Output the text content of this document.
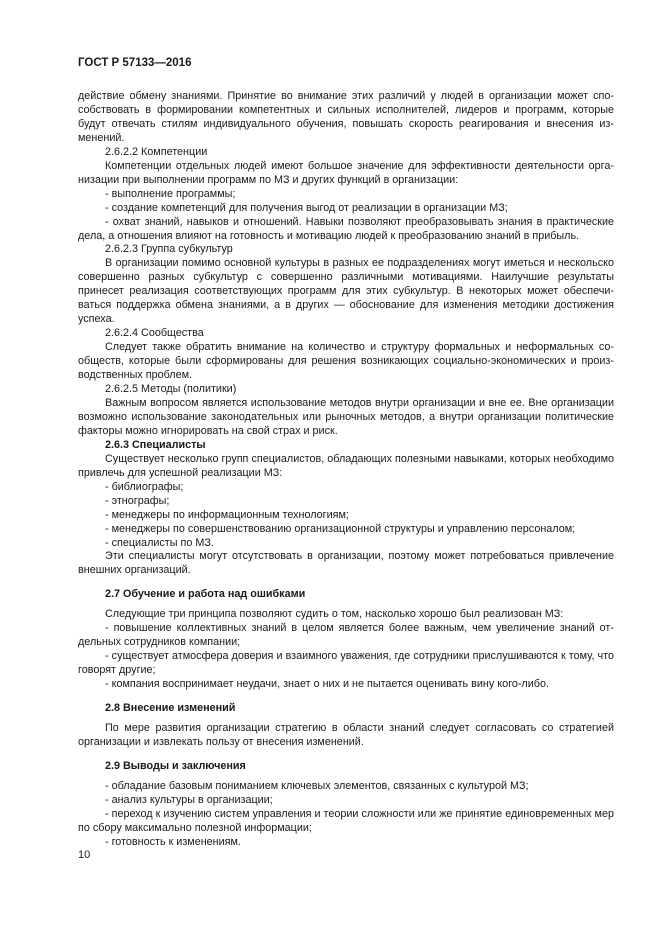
ГОСТ Р 57133—2016

действие обмену знаниями. Принятие во внимание этих различий у людей в организации может способствовать в формировании компетентных и сильных исполнителей, лидеров и программ, которые будут отвечать стилям индивидуального обучения, повышать скорость реагирования и внесения изменений.

2.6.2.2 Компетенции

Компетенции отдельных людей имеют большое значение для эффективности деятельности организации при выполнении программ по МЗ и других функций в организации:

- выполнение программы;

- создание компетенций для получения выгод от реализации в организации МЗ;

- охват знаний, навыков и отношений. Навыки позволяют преобразовывать знания в практические дела, а отношения влияют на готовность и мотивацию людей к преобразованию знаний в прибыль.

2.6.2.3 Группа субкультур

В организации помимо основной культуры в разных ее подразделениях могут иметься и нескольско совершенно разных субкультур с совершенно различными мотивациями. Наилучшие результаты принесет реализация соответствующих программ для этих субкультур. В некоторых может обеспечиваться поддержка обмена знаниями, а в других — обоснование для изменения методики достижения успеха.

2.6.2.4 Сообщества

Следует также обратить внимание на количество и структуру формальных и неформальных сообществ, которые были сформированы для решения возникающих социально-экономических и производственных проблем.

2.6.2.5 Методы (политики)

Важным вопросом является использование методов внутри организации и вне ее. Вне организации возможно использование законодательных или рыночных методов, а внутри организации политические факторы можно игнорировать на свой страх и риск.

2.6.3 Специалисты

Существует несколько групп специалистов, обладающих полезными навыками, которых необходимо привлечь для успешной реализации МЗ:

- библиографы;

- этнографы;

- менеджеры по информационным технологиям;

- менеджеры по совершенствованию организационной структуры и управлению персоналом;

- специалисты по МЗ.

Эти специалисты могут отсутствовать в организации, поэтому может потребоваться привлечение внешних организаций.

2.7 Обучение и работа над ошибками

Следующие три принципа позволяют судить о том, насколько хорошо был реализован МЗ:

- повышение коллективных знаний в целом является более важным, чем увеличение знаний отдельных сотрудников компании;

- существует атмосфера доверия и взаимного уважения, где сотрудники прислушиваются к тому, что говорят другие;

- компания воспринимает неудачи, знает о них и не пытается оценивать вину кого-либо.

2.8 Внесение изменений

По мере развития организации стратегию в области знаний следует согласовать со стратегией организации и извлекать пользу от внесения изменений.

2.9 Выводы и заключения

- обладание базовым пониманием ключевых элементов, связанных с культурой МЗ;

- анализ культуры в организации;

- переход к изучению систем управления и теории сложности или же принятие единовременных мер по сбору максимально полезной информации;

- готовность к изменениям.

10
